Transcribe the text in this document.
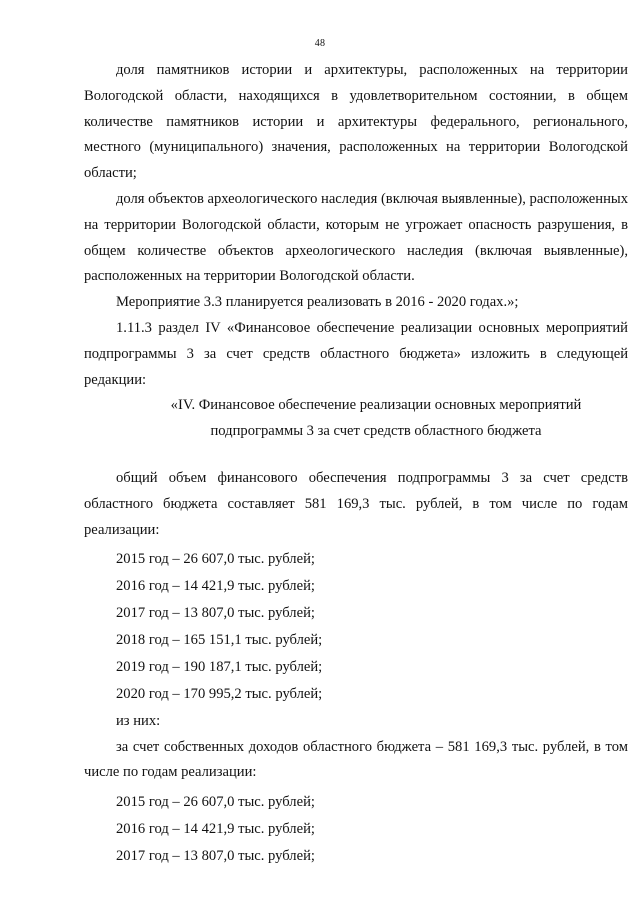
48

доля памятников истории и архитектуры, расположенных на территории Вологодской области, находящихся в удовлетворительном состоянии, в общем количестве памятников истории и архитектуры федерального, регионального, местного (муниципального) значения, расположенных на территории Вологодской области;

доля объектов археологического наследия (включая выявленные), расположенных на территории Вологодской области, которым не угрожает опасность разрушения, в общем количестве объектов археологического наследия (включая выявленные), расположенных на территории Вологодской области.

Мероприятие 3.3 планируется реализовать в 2016 - 2020 годах.»;

1.11.3 раздел IV «Финансовое обеспечение реализации основных мероприятий подпрограммы 3 за счет средств областного бюджета» изложить в следующей редакции:

«IV. Финансовое обеспечение реализации основных мероприятий

подпрограммы 3 за счет средств областного бюджета

общий объем финансового обеспечения подпрограммы 3 за счет средств областного бюджета составляет 581 169,3 тыс. рублей, в том числе по годам реализации:

2015 год – 26 607,0 тыс. рублей;

2016 год – 14 421,9 тыс. рублей;

2017 год – 13 807,0 тыс. рублей;

2018 год – 165 151,1 тыс. рублей;

2019 год – 190 187,1 тыс. рублей;

2020 год – 170 995,2 тыс. рублей;

из них:

за счет собственных доходов областного бюджета – 581 169,3 тыс. рублей, в том числе по годам реализации:

2015 год – 26 607,0 тыс. рублей;

2016 год – 14 421,9 тыс. рублей;

2017 год – 13 807,0 тыс. рублей;
